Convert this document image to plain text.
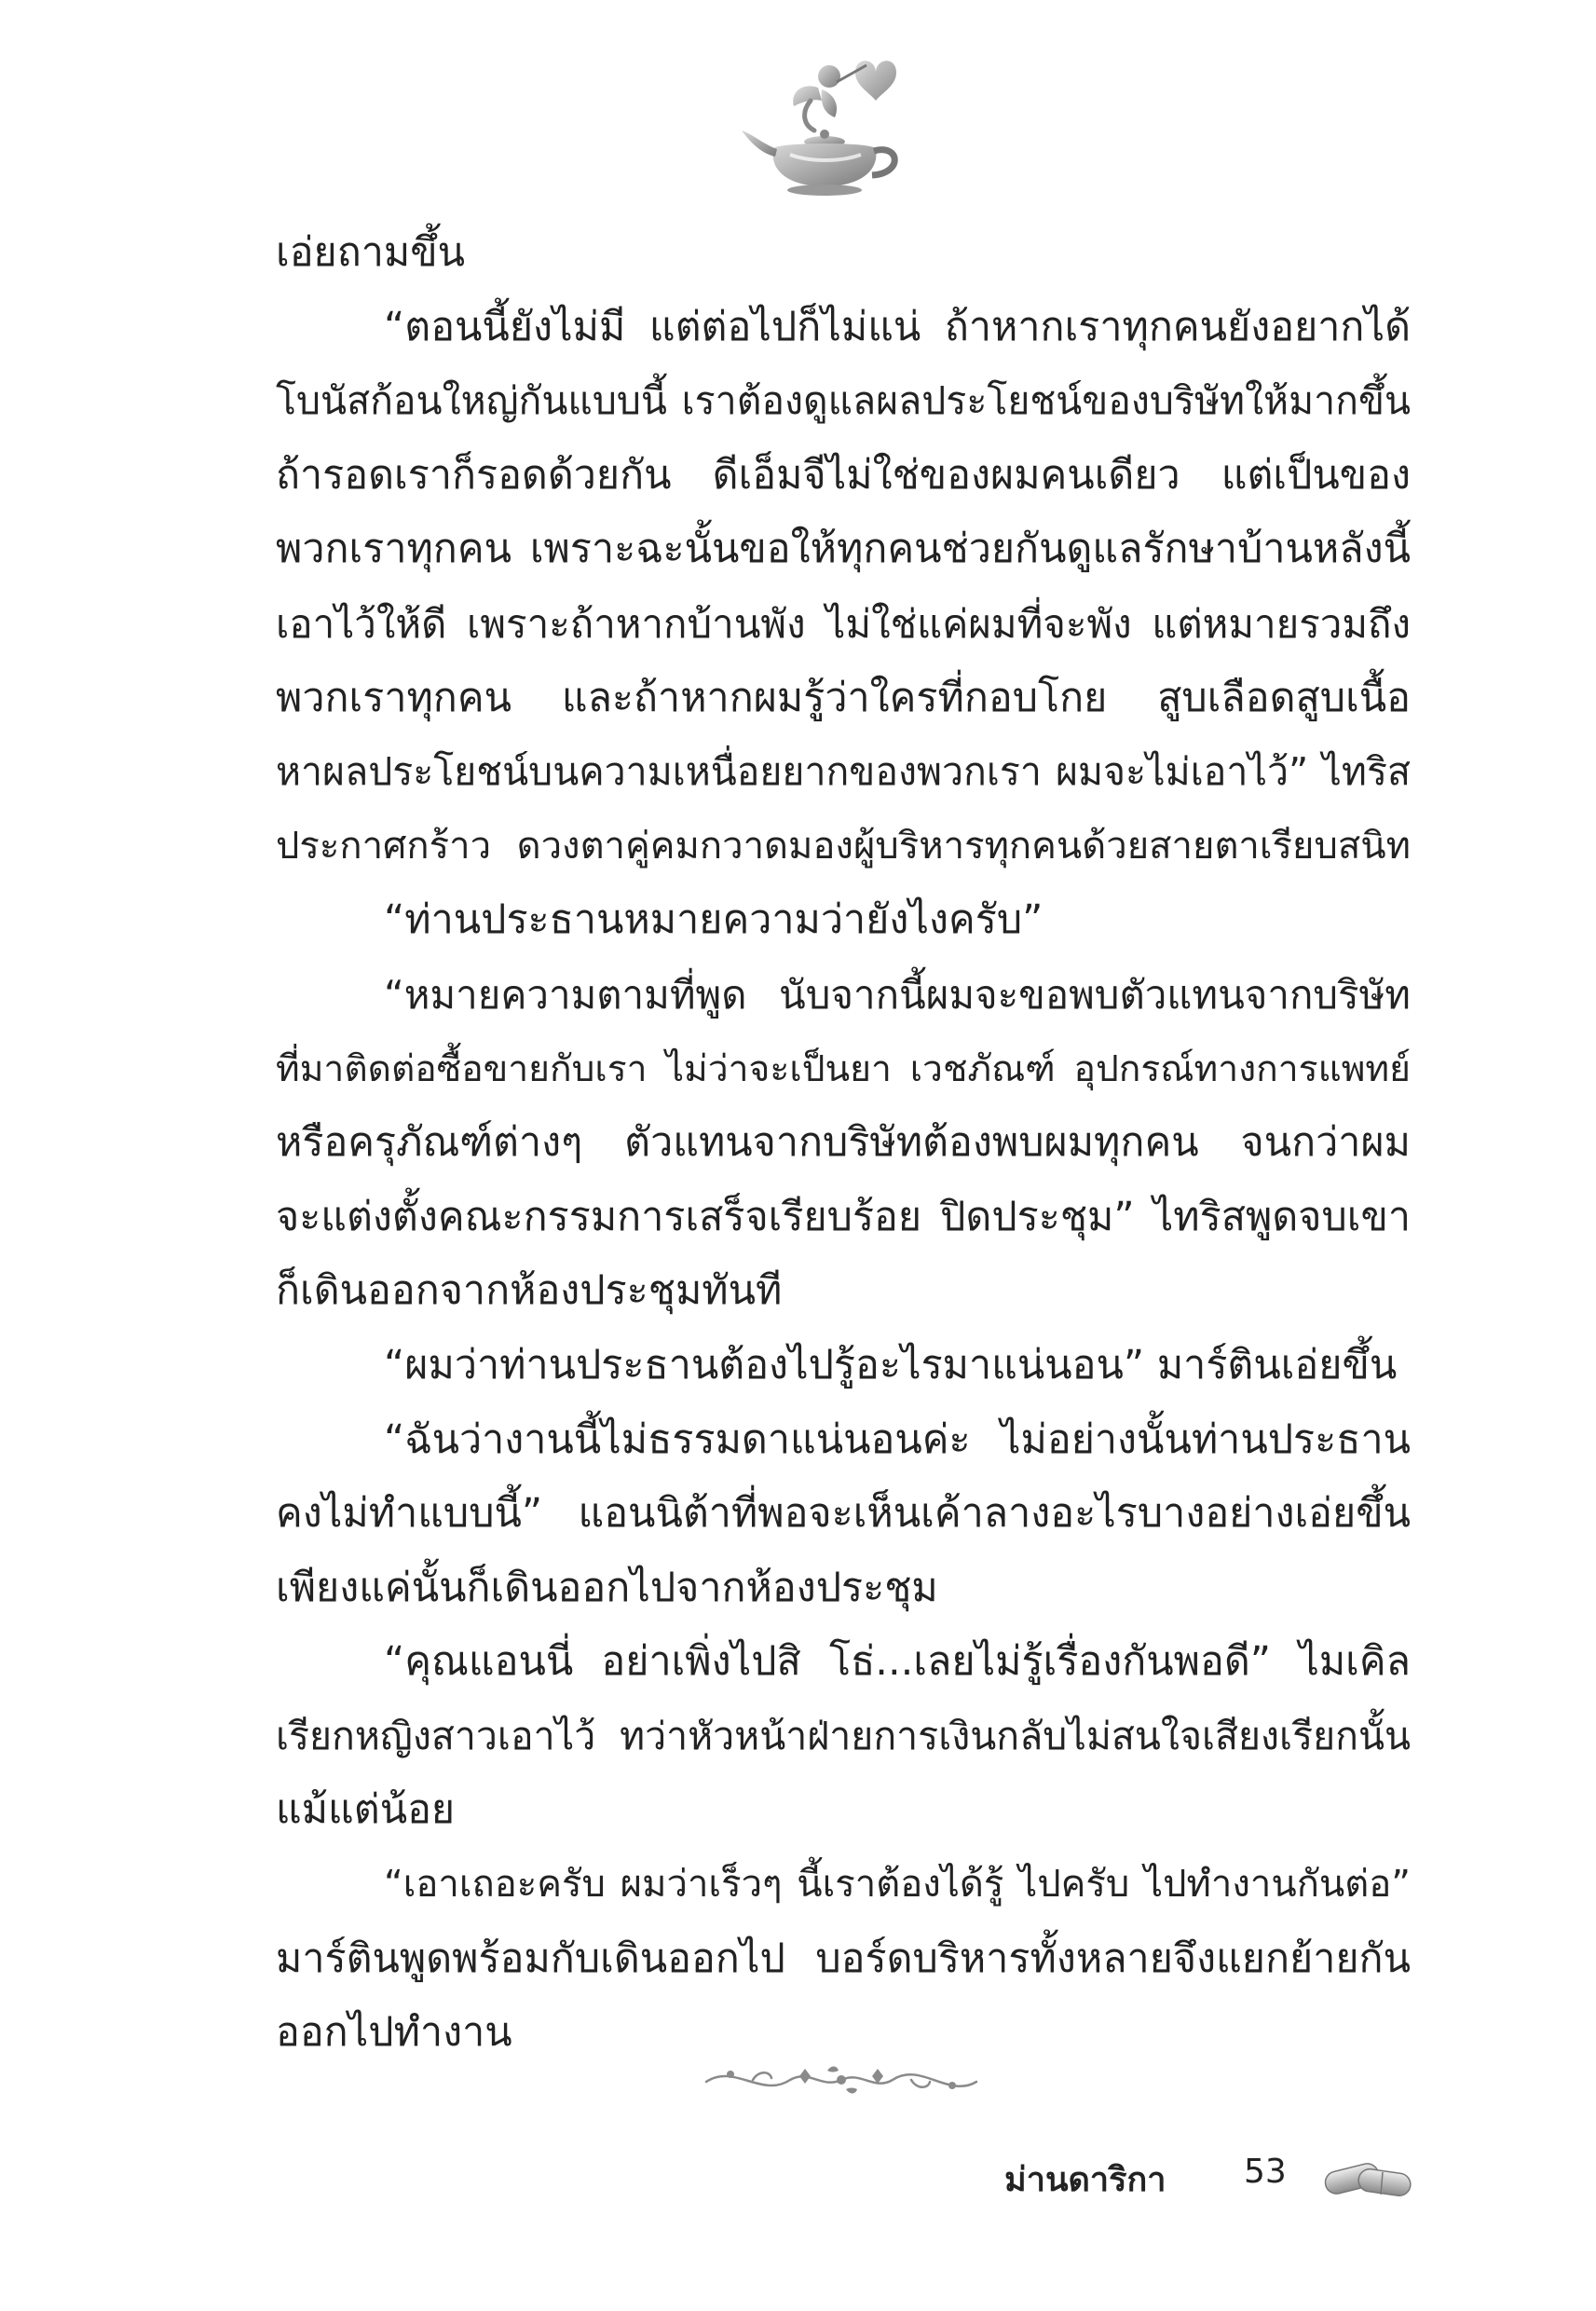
เอ่ยถามขึ้น
“ตอนนี้ยังไม่มี แต่ต่อไปก็ไม่แน่ ถ้าหากเราทุกคนยังอยากได้
โบนัสก้อนใหญ่กันแบบนี้ เราต้องดูแลผลประโยชน์ของบริษัทให้มากขึ้น
ถ้ารอดเราก็รอดด้วยกัน ดีเอ็มจีไม่ใช่ของผมคนเดียว แต่เป็นของ
พวกเราทุกคน เพราะฉะนั้นขอให้ทุกคนช่วยกันดูแลรักษาบ้านหลังนี้
เอาไว้ให้ดี เพราะถ้าหากบ้านพัง ไม่ใช่แค่ผมที่จะพัง แต่หมายรวมถึง
พวกเราทุกคน และถ้าหากผมรู้ว่าใครที่กอบโกย สูบเลือดสูบเนื้อ
หาผลประโยชน์บนความเหนื่อยยากของพวกเรา ผมจะไม่เอาไว้” ไทริส
ประกาศกร้าว ดวงตาคู่คมกวาดมองผู้บริหารทุกคนด้วยสายตาเรียบสนิท
“ท่านประธานหมายความว่ายังไงครับ”
“หมายความตามที่พูด นับจากนี้ผมจะขอพบตัวแทนจากบริษัท
ที่มาติดต่อซื้อขายกับเรา ไม่ว่าจะเป็นยา เวชภัณฑ์ อุปกรณ์ทางการแพทย์
หรือครุภัณฑ์ต่างๆ ตัวแทนจากบริษัทต้องพบผมทุกคน จนกว่าผม
จะแต่งตั้งคณะกรรมการเสร็จเรียบร้อย ปิดประชุม” ไทริสพูดจบเขา
ก็เดินออกจากห้องประชุมทันที
“ผมว่าท่านประธานต้องไปรู้อะไรมาแน่นอน” มาร์ตินเอ่ยขึ้น
“ฉันว่างานนี้ไม่ธรรมดาแน่นอนค่ะ ไม่อย่างนั้นท่านประธาน
คงไม่ทำแบบนี้” แอนนิต้าที่พอจะเห็นเค้าลางอะไรบางอย่างเอ่ยขึ้น
เพียงแค่นั้นก็เดินออกไปจากห้องประชุม
“คุณแอนนี่ อย่าเพิ่งไปสิ โธ่...เลยไม่รู้เรื่องกันพอดี” ไมเคิล
เรียกหญิงสาวเอาไว้ ทว่าหัวหน้าฝ่ายการเงินกลับไม่สนใจเสียงเรียกนั้น
แม้แต่น้อย
“เอาเถอะครับ ผมว่าเร็วๆ นี้เราต้องได้รู้ ไปครับ ไปทำงานกันต่อ”
มาร์ตินพูดพร้อมกับเดินออกไป บอร์ดบริหารทั้งหลายจึงแยกย้ายกัน
ออกไปทำงาน
ม่านดาริกา 53
